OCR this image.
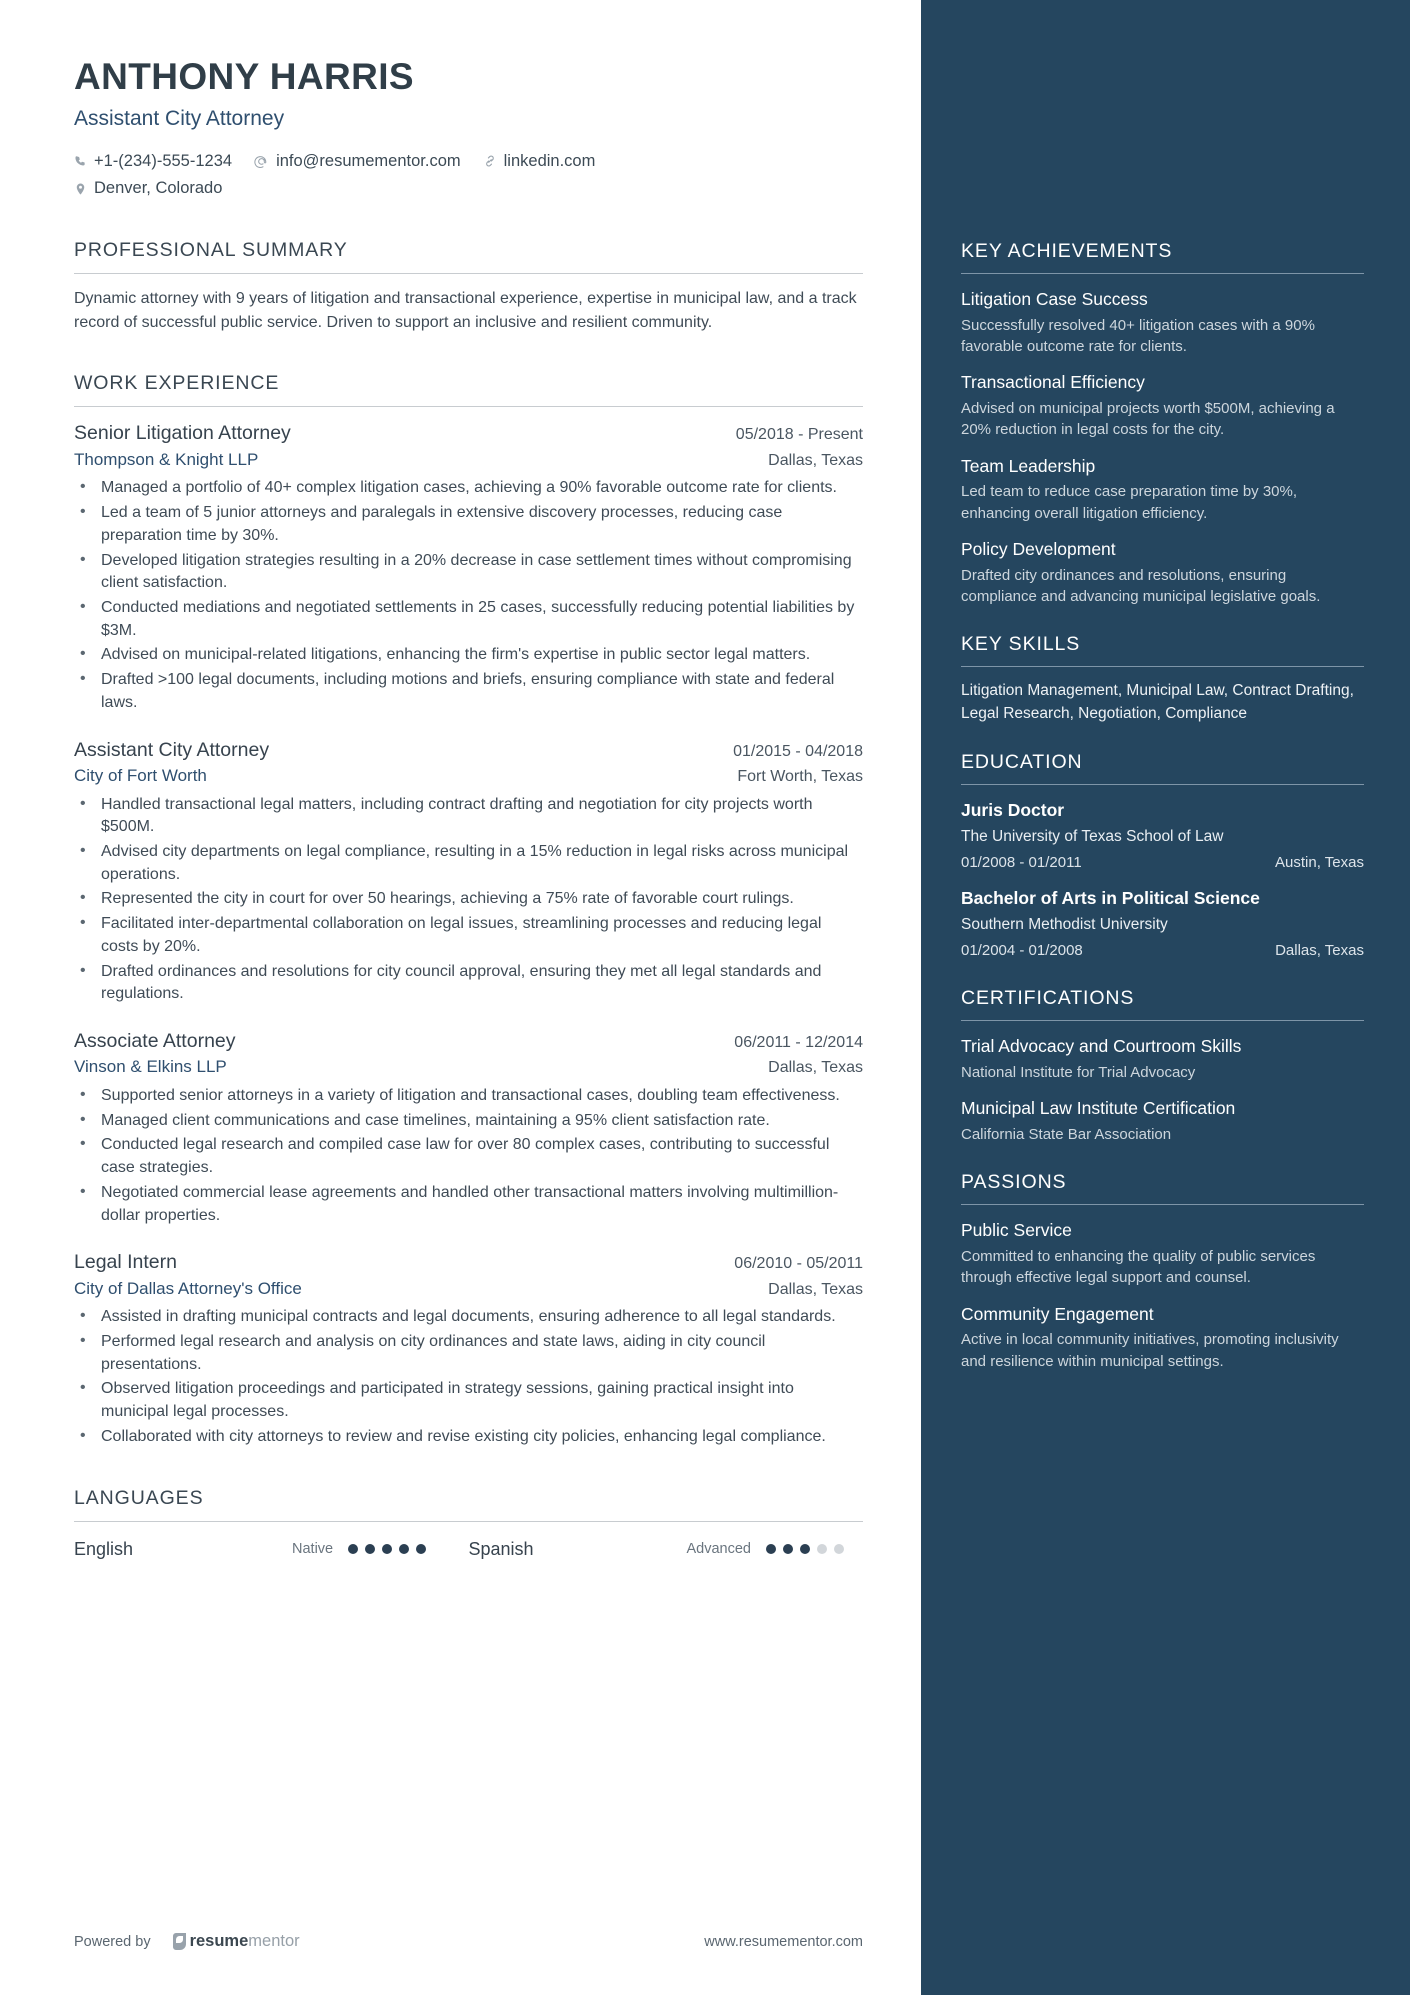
ANTHONY HARRIS
Assistant City Attorney
+1-(234)-555-1234	info@resumementor.com	linkedin.com
Denver, Colorado
PROFESSIONAL SUMMARY
Dynamic attorney with 9 years of litigation and transactional experience, expertise in municipal law, and a track record of successful public service. Driven to support an inclusive and resilient community.
WORK EXPERIENCE
Senior Litigation Attorney	05/2018 - Present
Thompson & Knight LLP	Dallas, Texas
• Managed a portfolio of 40+ complex litigation cases, achieving a 90% favorable outcome rate for clients.
• Led a team of 5 junior attorneys and paralegals in extensive discovery processes, reducing case preparation time by 30%.
• Developed litigation strategies resulting in a 20% decrease in case settlement times without compromising client satisfaction.
• Conducted mediations and negotiated settlements in 25 cases, successfully reducing potential liabilities by $3M.
• Advised on municipal-related litigations, enhancing the firm's expertise in public sector legal matters.
• Drafted >100 legal documents, including motions and briefs, ensuring compliance with state and federal laws.
Assistant City Attorney	01/2015 - 04/2018
City of Fort Worth	Fort Worth, Texas
• Handled transactional legal matters, including contract drafting and negotiation for city projects worth $500M.
• Advised city departments on legal compliance, resulting in a 15% reduction in legal risks across municipal operations.
• Represented the city in court for over 50 hearings, achieving a 75% rate of favorable court rulings.
• Facilitated inter-departmental collaboration on legal issues, streamlining processes and reducing legal costs by 20%.
• Drafted ordinances and resolutions for city council approval, ensuring they met all legal standards and regulations.
Associate Attorney	06/2011 - 12/2014
Vinson & Elkins LLP	Dallas, Texas
• Supported senior attorneys in a variety of litigation and transactional cases, doubling team effectiveness.
• Managed client communications and case timelines, maintaining a 95% client satisfaction rate.
• Conducted legal research and compiled case law for over 80 complex cases, contributing to successful case strategies.
• Negotiated commercial lease agreements and handled other transactional matters involving multimillion-dollar properties.
Legal Intern	06/2010 - 05/2011
City of Dallas Attorney's Office	Dallas, Texas
• Assisted in drafting municipal contracts and legal documents, ensuring adherence to all legal standards.
• Performed legal research and analysis on city ordinances and state laws, aiding in city council presentations.
• Observed litigation proceedings and participated in strategy sessions, gaining practical insight into municipal legal processes.
• Collaborated with city attorneys to review and revise existing city policies, enhancing legal compliance.
LANGUAGES
English	Native	Spanish	Advanced
Powered by resumementor	www.resumementor.com
KEY ACHIEVEMENTS
Litigation Case Success
Successfully resolved 40+ litigation cases with a 90% favorable outcome rate for clients.
Transactional Efficiency
Advised on municipal projects worth $500M, achieving a 20% reduction in legal costs for the city.
Team Leadership
Led team to reduce case preparation time by 30%, enhancing overall litigation efficiency.
Policy Development
Drafted city ordinances and resolutions, ensuring compliance and advancing municipal legislative goals.
KEY SKILLS
Litigation Management, Municipal Law, Contract Drafting, Legal Research, Negotiation, Compliance
EDUCATION
Juris Doctor
The University of Texas School of Law
01/2008 - 01/2011	Austin, Texas
Bachelor of Arts in Political Science
Southern Methodist University
01/2004 - 01/2008	Dallas, Texas
CERTIFICATIONS
Trial Advocacy and Courtroom Skills
National Institute for Trial Advocacy
Municipal Law Institute Certification
California State Bar Association
PASSIONS
Public Service
Committed to enhancing the quality of public services through effective legal support and counsel.
Community Engagement
Active in local community initiatives, promoting inclusivity and resilience within municipal settings.
